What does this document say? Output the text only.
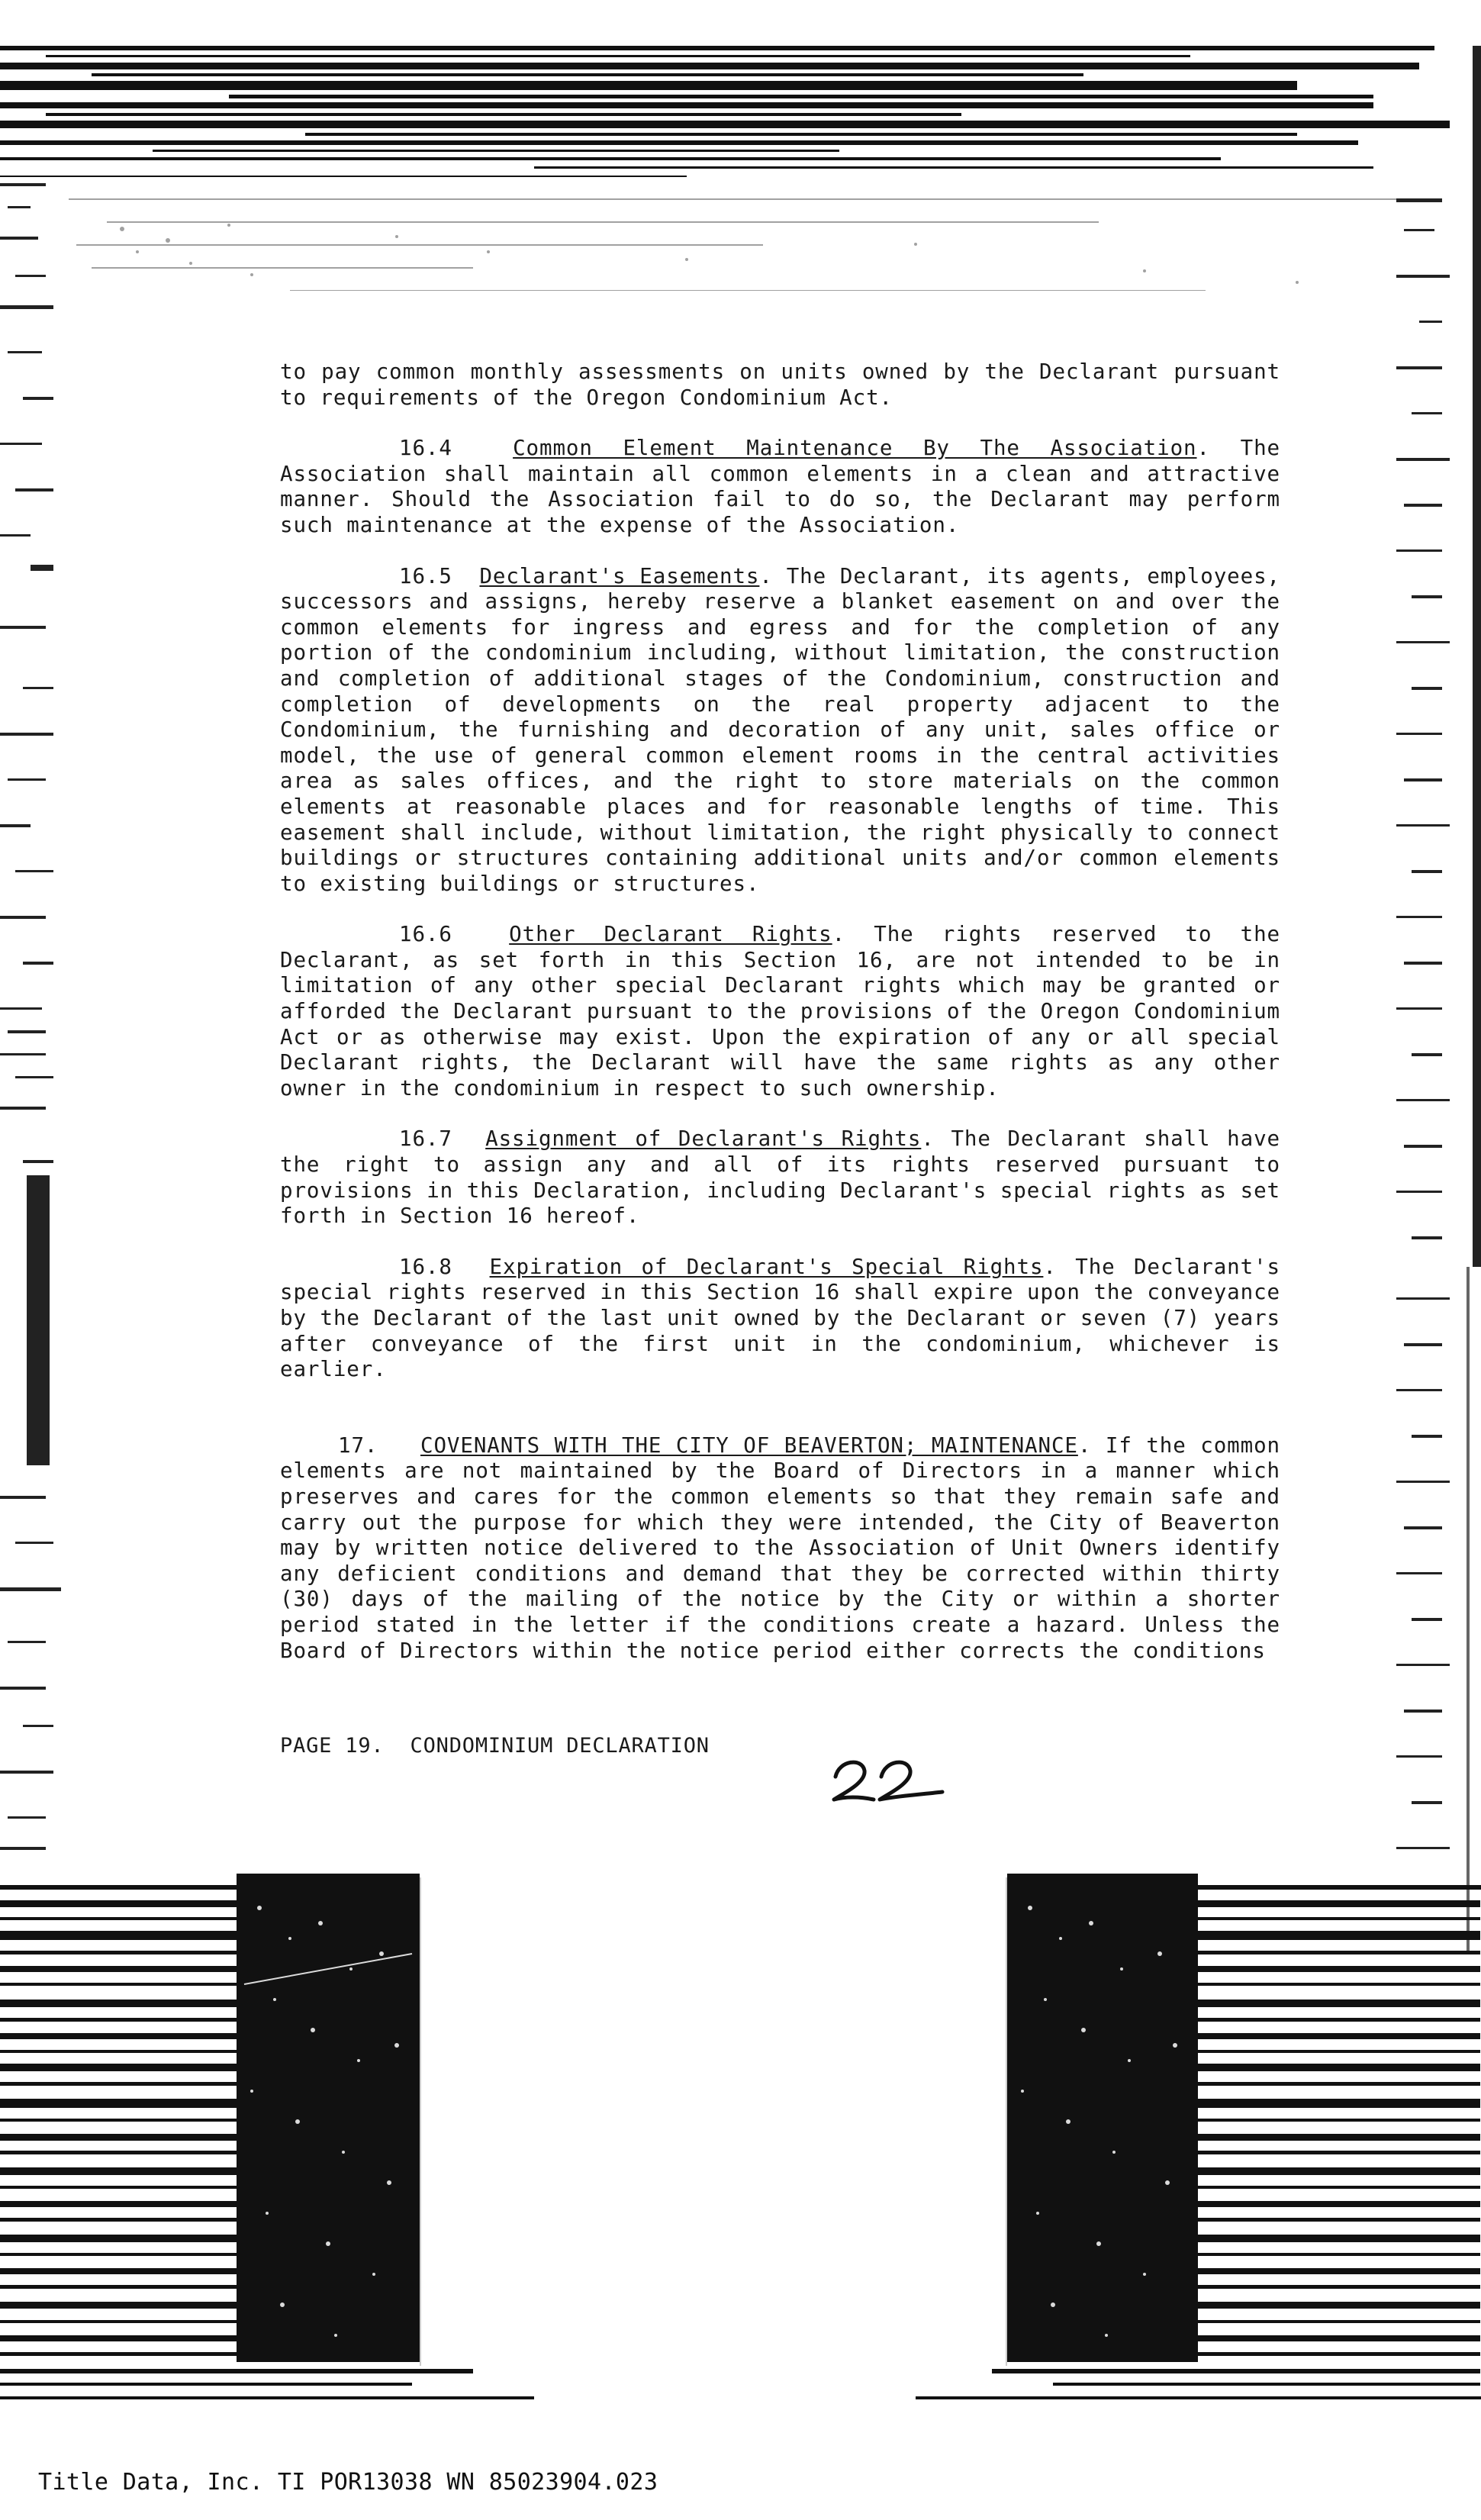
to pay common monthly assessments on units owned by the Declarant pursuant to requirements of the Oregon Condominium Act.

16.4	Common Element Maintenance By The Association. The Association shall maintain all common elements in a clean and attractive manner. Should the Association fail to do so, the Declarant may perform such maintenance at the expense of the Association.

16.5 Declarant's Easements. The Declarant, its agents, employees, successors and assigns, hereby reserve a blanket easement on and over the common elements for ingress and egress and for the completion of any portion of the condominium including, without limitation, the construction and completion of additional stages of the Condominium, construction and completion of developments on the real property adjacent to the Condominium, the furnishing and decoration of any unit, sales office or model, the use of general common element rooms in the central activities area as sales offices, and the right to store materials on the common elements at reasonable places and for reasonable lengths of time. This easement shall include, without limitation, the right physically to connect buildings or structures containing additional units and/or common elements to existing buildings or structures.

16.6	Other Declarant Rights. The rights reserved to the Declarant, as set forth in this Section 16, are not intended to be in limitation of any other special Declarant rights which may be granted or afforded the Declarant pursuant to the provisions of the Oregon Condominium Act or as otherwise may exist. Upon the expiration of any or all special Declarant rights, the Declarant will have the same rights as any other owner in the condominium in respect to such ownership.

16.7 Assignment of Declarant's Rights. The Declarant shall have the right to assign any and all of its rights reserved pursuant to provisions in this Declaration, including Declarant's special rights as set forth in Section 16 hereof.

16.8 Expiration of Declarant's Special Rights. The Declarant's special rights reserved in this Section 16 shall expire upon the conveyance by the Declarant of the last unit owned by the Declarant or seven (7) years after conveyance of the first unit in the condominium, whichever is earlier.

17. COVENANTS WITH THE CITY OF BEAVERTON; MAINTENANCE. If the common elements are not maintained by the Board of Directors in a manner which preserves and cares for the common elements so that they remain safe and carry out the purpose for which they were intended, the City of Beaverton may by written notice delivered to the Association of Unit Owners identify any deficient conditions and demand that they be corrected within thirty (30) days of the mailing of the notice by the City or within a shorter period stated in the letter if the conditions create a hazard. Unless the Board of Directors within the notice period either corrects the conditions

PAGE 19.  CONDOMINIUM DECLARATION
Title Data, Inc. TI POR13038 WN 85023904.023
